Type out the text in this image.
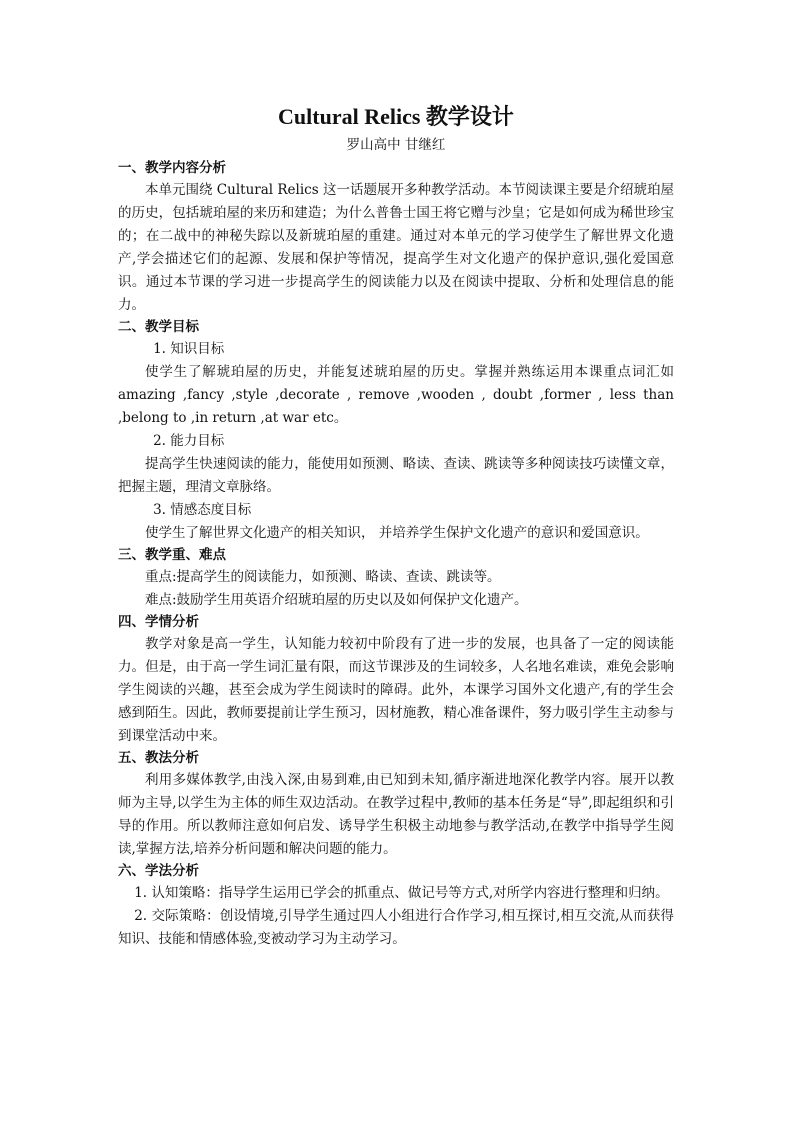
Cultural Relics 教学设计

罗山高中 甘继红

一、教学内容分析

本单元围绕 Cultural Relics 这一话题展开多种教学活动。本节阅读课主要是介绍琥珀屋的历史，包括琥珀屋的来历和建造；为什么普鲁士国王将它赠与沙皇；它是如何成为稀世珍宝的；在二战中的神秘失踪以及新琥珀屋的重建。通过对本单元的学习使学生了解世界文化遗产,学会描述它们的起源、发展和保护等情况，提高学生对文化遗产的保护意识,强化爱国意识。通过本节课的学习进一步提高学生的阅读能力以及在阅读中提取、分析和处理信息的能力。

二、教学目标

1. 知识目标

使学生了解琥珀屋的历史，并能复述琥珀屋的历史。掌握并熟练运用本课重点词汇如 amazing ,fancy ,style ,decorate , remove ,wooden , doubt ,former , less than ,belong to ,in return ,at war etc。

2. 能力目标

提高学生快速阅读的能力，能使用如预测、略读、查读、跳读等多种阅读技巧读懂文章，把握主题，理清文章脉络。

3. 情感态度目标

使学生了解世界文化遗产的相关知识， 并培养学生保护文化遗产的意识和爱国意识。

三、教学重、难点

重点:提高学生的阅读能力，如预测、略读、查读、跳读等。

难点:鼓励学生用英语介绍琥珀屋的历史以及如何保护文化遗产。

四、学情分析

教学对象是高一学生，认知能力较初中阶段有了进一步的发展，也具备了一定的阅读能力。但是，由于高一学生词汇量有限，而这节课涉及的生词较多，人名地名难读，难免会影响学生阅读的兴趣，甚至会成为学生阅读时的障碍。此外，本课学习国外文化遗产,有的学生会感到陌生。因此，教师要提前让学生预习，因材施教，精心准备课件，努力吸引学生主动参与到课堂活动中来。

五、教法分析

利用多媒体教学,由浅入深,由易到难,由已知到未知,循序渐进地深化教学内容。展开以教师为主导,以学生为主体的师生双边活动。在教学过程中,教师的基本任务是“导”,即起组织和引导的作用。所以教师注意如何启发、诱导学生积极主动地参与教学活动,在教学中指导学生阅读,掌握方法,培养分析问题和解决问题的能力。

六、学法分析

1. 认知策略：指导学生运用已学会的抓重点、做记号等方式,对所学内容进行整理和归纳。

2. 交际策略：创设情境,引导学生通过四人小组进行合作学习,相互探讨,相互交流,从而获得知识、技能和情感体验,变被动学习为主动学习。
